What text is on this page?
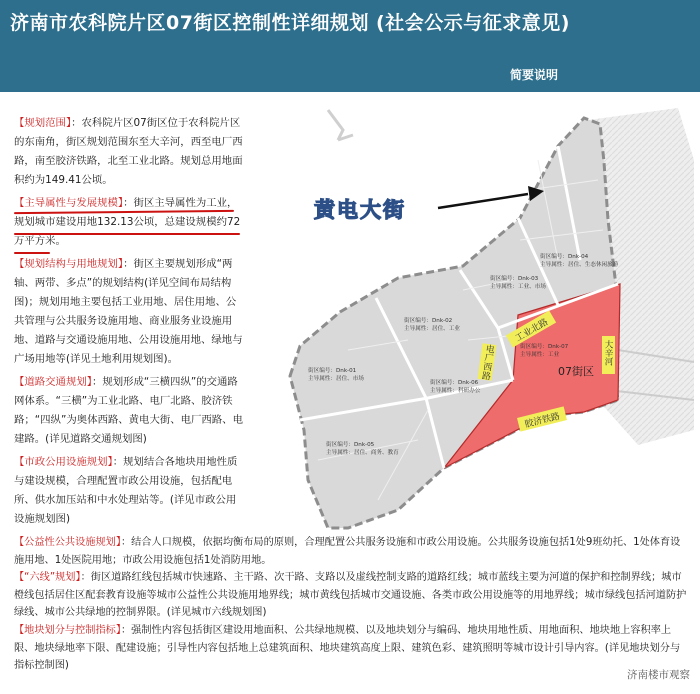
济南市农科院片区07街区控制性详细规划 (社会公示与征求意见)
简要说明

【规划范围】：农科院片区07街区位于农科院片区的东南角，街区规划范围东至大辛河，西至电厂西路，南至胶济铁路，北至工业北路。规划总用地面积约为149.41公顷。

【主导属性与发展规模】：街区主导属性为工业，规划城市建设用地132.13公顷，总建设规模约72万平方米。

【规划结构与用地规划】：街区主要规划形成“两轴、两带、多点”的规划结构(详见空间布局结构图)；规划用地主要包括工业用地、居住用地、公共管理与公共服务设施用地、商业服务业设施用地、道路与交通设施用地、公用设施用地、绿地与广场用地等(详见土地利用规划图)。

【道路交通规划】：规划形成“三横四纵”的交通路网体系。“三横”为工业北路、电厂北路、胶济铁路；“四纵”为奥体西路、黄电大街、电厂西路、电建路。(详见道路交通规划图)

【市政公用设施规划】：规划结合各地块用地性质与建设规模，合理配置市政公用设施，包括配电所、供水加压站和中水处理站等。(详见市政公用设施规划图)

工业北路
电厂西路
胶济铁路
大辛河
07街区
街区编号：Dnk-01
主导属性：居住、市场
街区编号：Dnk-02
主导属性：居住、工业
街区编号：Dnk-03
主导属性：工业、市场
街区编号：Dnk-04
主导属性：居住、生态休闲旅游
街区编号：Dnk-05
主导属性：居住、商务、教育
街区编号：Dnk-06
主导属性：科研办公
街区编号：Dnk-07
主导属性：工业
黄电大街

【公益性公共设施规划】：结合人口规模，依据均衡布局的原则，合理配置公共服务设施和市政公用设施。公共服务设施包括1处9班幼托、1处体育设施用地、1处医院用地；市政公用设施包括1处消防用地。

【“六线”规划】：街区道路红线包括城市快速路、主干路、次干路、支路以及虚线控制支路的道路红线；城市蓝线主要为河道的保护和控制界线；城市橙线包括居住区配套教育设施等城市公益性公共设施用地界线；城市黄线包括城市交通设施、各类市政公用设施等的用地界线；城市绿线包括河道防护绿线、城市公共绿地的控制界限。(详见城市六线规划图)

【地块划分与控制指标】：强制性内容包括街区建设用地面积、公共绿地规模、以及地块划分与编码、地块用地性质、用地面积、地块地上容积率上限、地块绿地率下限、配建设施；引导性内容包括地上总建筑面积、地块建筑高度上限、建筑色彩、建筑照明等城市设计引导内容。(详见地块划分与指标控制图)

济南楼市观察
